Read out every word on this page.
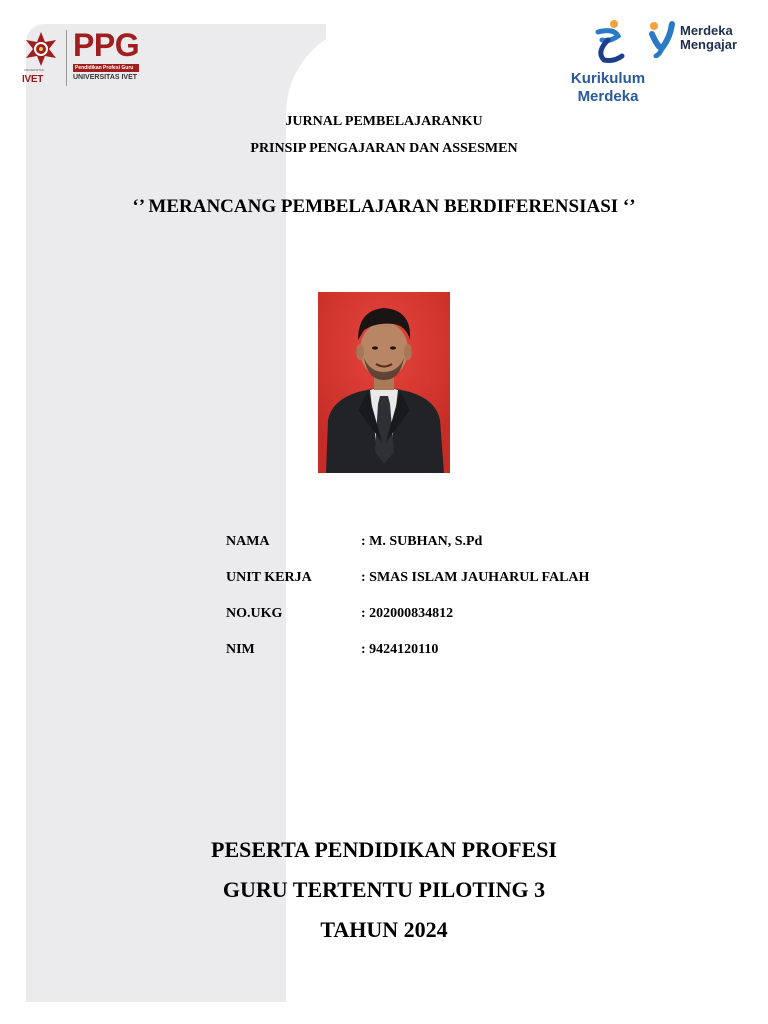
UNIVERSITAS
IVET
PPG
Pendidikan Profesi Guru
UNIVERSITAS IVET	Kurikulum
Merdeka
Merdeka
Mengajar
JURNAL PEMBELAJARANKU
PRINSIP PENGAJARAN DAN ASSESMEN
‘’ MERANCANG PEMBELAJARAN BERDIFERENSIASI ‘’
NAMA	: M. SUBHAN, S.Pd
UNIT KERJA	: SMAS ISLAM JAUHARUL FALAH
NO.UKG	: 202000834812
NIM	: 9424120110
PESERTA PENDIDIKAN PROFESI
GURU TERTENTU PILOTING 3
TAHUN 2024
